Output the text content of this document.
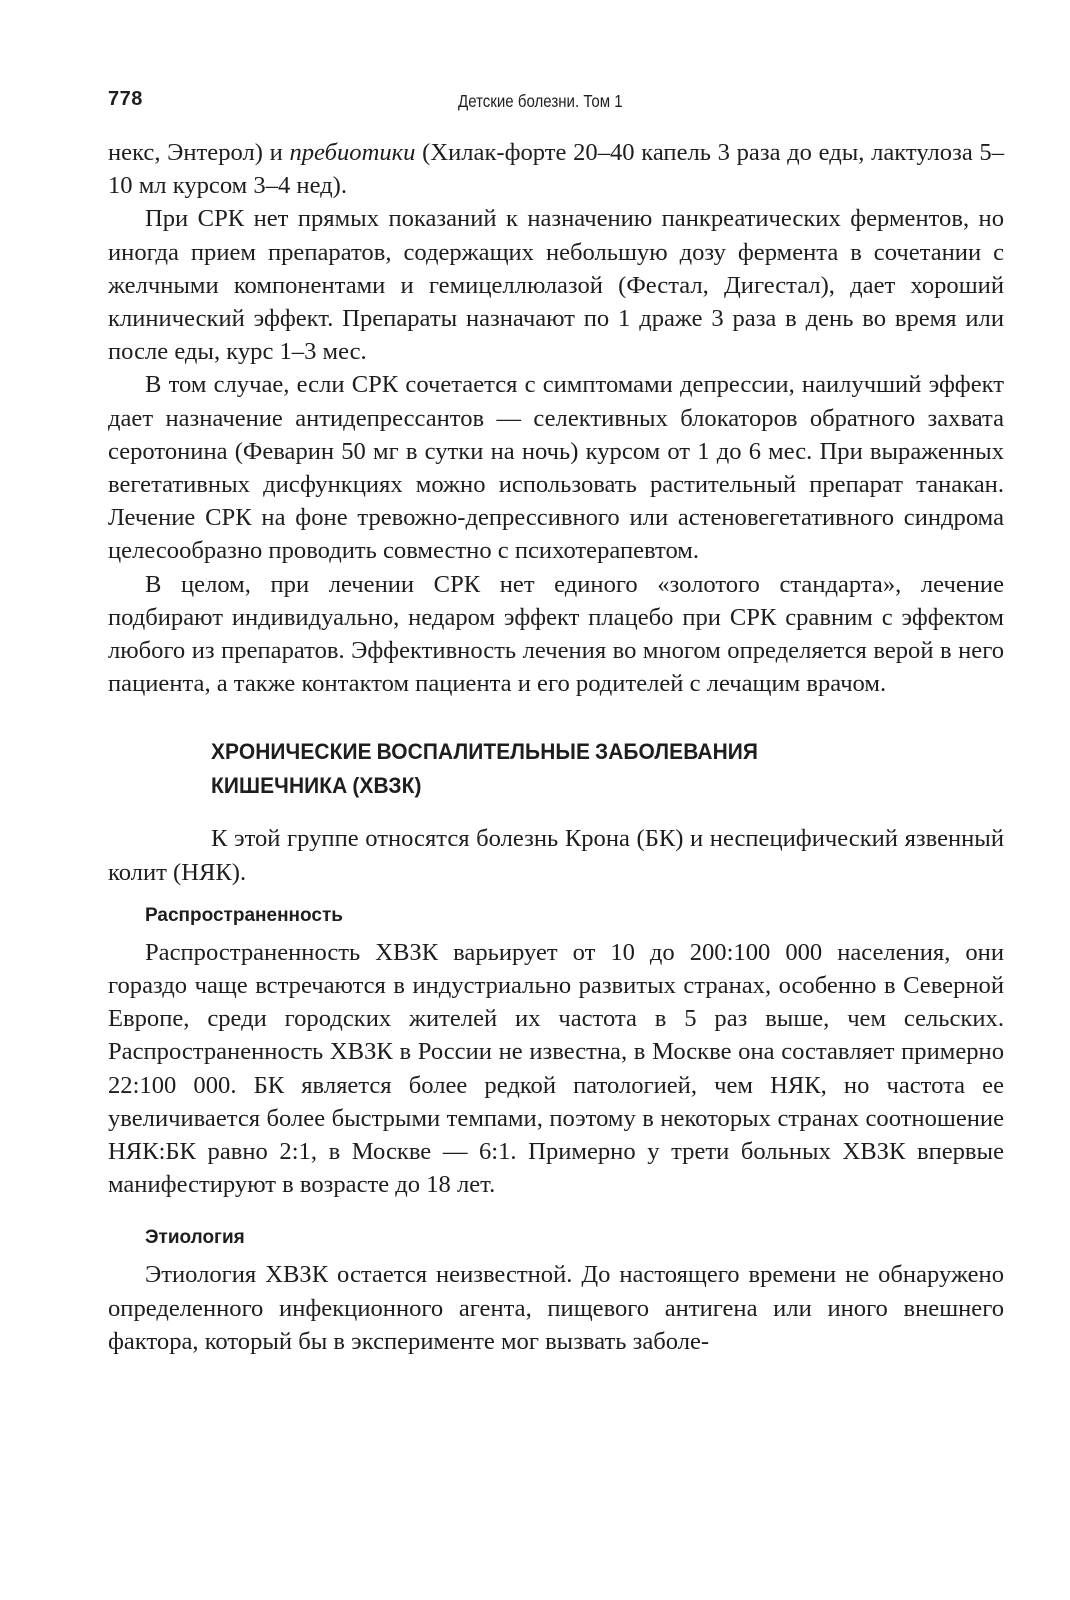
778	Детские болезни. Том 1

некс, Энтерол) и пребиотики (Хилак-форте 20–40 капель 3 раза до еды, лактулоза 5–10 мл курсом 3–4 нед).

При СРК нет прямых показаний к назначению панкреатических ферментов, но иногда прием препаратов, содержащих небольшую дозу фермента в сочетании с желчными компонентами и гемицеллюлазой (Фестал, Дигестал), дает хороший клинический эффект. Препараты назначают по 1 драже 3 раза в день во время или после еды, курс 1–3 мес.

В том случае, если СРК сочетается с симптомами депрессии, наилучший эффект дает назначение антидепрессантов — селективных блокаторов обратного захвата серотонина (Феварин 50 мг в сутки на ночь) курсом от 1 до 6 мес. При выраженных вегетативных дисфункциях можно использовать растительный препарат танакан. Лечение СРК на фоне тревожно-депрессивного или астеновегетативного синдрома целесообразно проводить совместно с психотерапевтом.

В целом, при лечении СРК нет единого «золотого стандарта», лечение подбирают индивидуально, недаром эффект плацебо при СРК сравним с эффектом любого из препаратов. Эффективность лечения во многом определяется верой в него пациента, а также контактом пациента и его родителей с лечащим врачом.

ХРОНИЧЕСКИЕ ВОСПАЛИТЕЛЬНЫЕ ЗАБОЛЕВАНИЯ
КИШЕЧНИКА (ХВЗК)

К этой группе относятся болезнь Крона (БК) и неспецифический язвенный колит (НЯК).

Распространенность

Распространенность ХВЗК варьирует от 10 до 200:100 000 населения, они гораздо чаще встречаются в индустриально развитых странах, особенно в Северной Европе, среди городских жителей их частота в 5 раз выше, чем сельских. Распространенность ХВЗК в России не известна, в Москве она составляет примерно 22:100 000. БК является более редкой патологией, чем НЯК, но частота ее увеличивается более быстрыми темпами, поэтому в некоторых странах соотношение НЯК:БК равно 2:1, в Москве — 6:1. Примерно у трети больных ХВЗК впервые манифестируют в возрасте до 18 лет.

Этиология

Этиология ХВЗК остается неизвестной. До настоящего времени не обнаружено определенного инфекционного агента, пищевого антигена или иного внешнего фактора, который бы в эксперименте мог вызвать заболе-
